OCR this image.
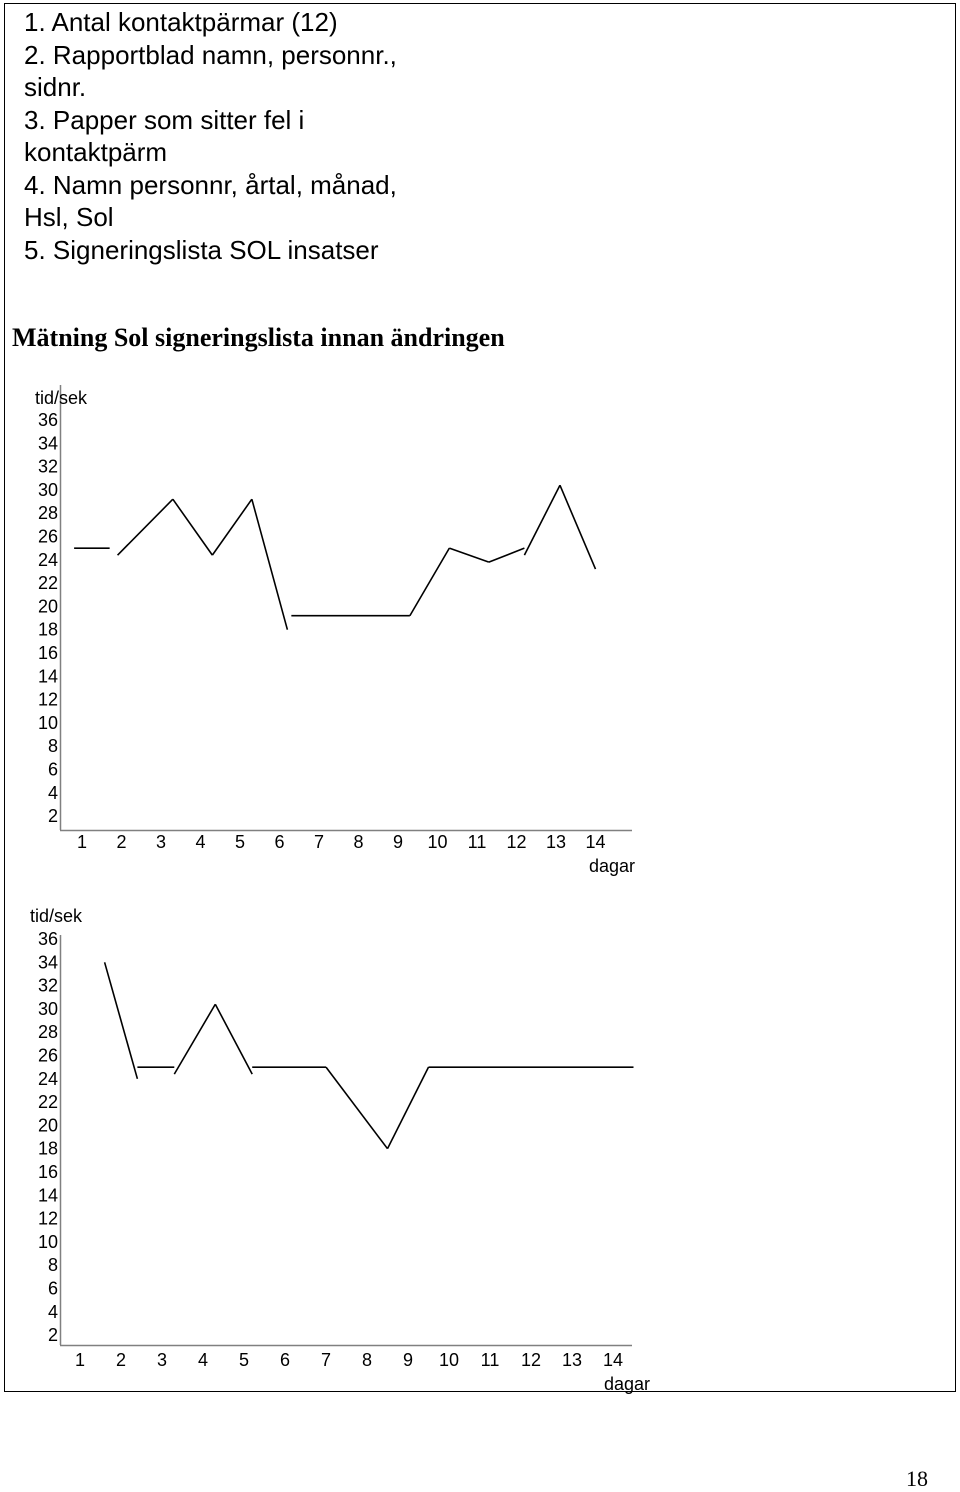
1. Antal kontaktpärmar (12)
2. Rapportblad namn, personnr., sidnr.
3. Papper som sitter fel i kontaktpärm
4. Namn personnr, årtal, månad, Hsl, Sol
5. Signeringslista SOL insatser
Mätning Sol signeringslista innan ändringen
tid/sek
36
34
32
30
28
26
24
22
20
18
16
14
12
10
8
6
4
2
1 2 3 4 5 6 7 8 9 10 11 12 13 14
dagar
tid/sek
36
34
32
30
28
26
24
22
20
18
16
14
12
10
8
6
4
2
1 2 3 4 5 6 7 8 9 10 11 12 13 14
dagar
18
